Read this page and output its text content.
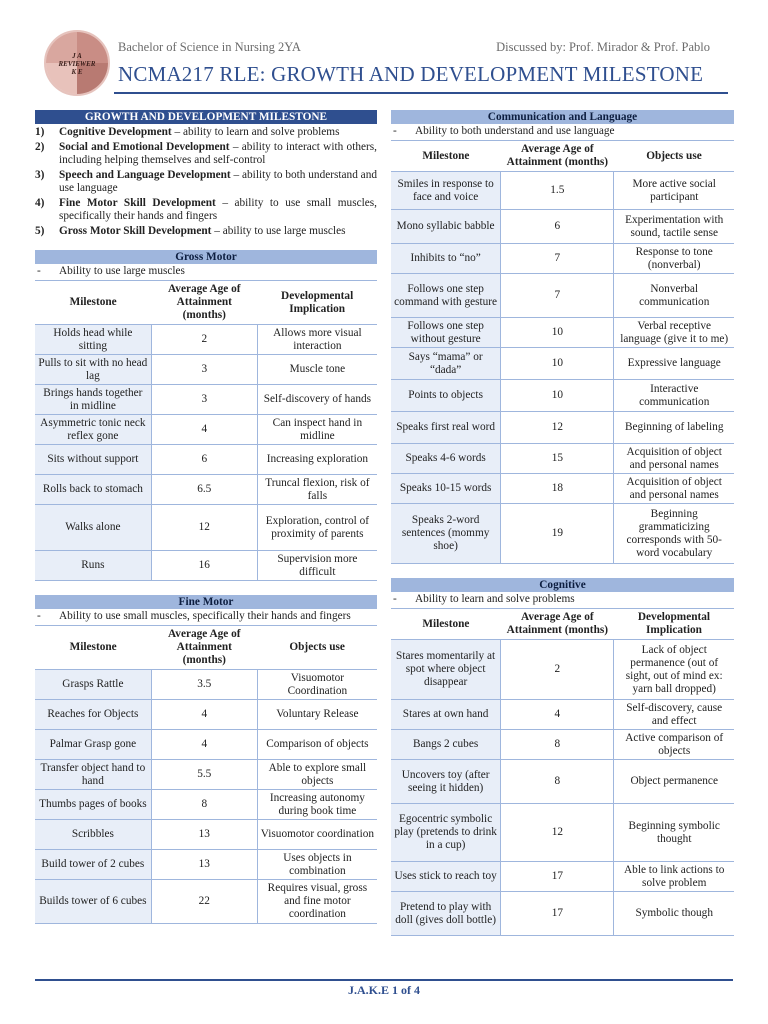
J A
REVIEWER
K E
Bachelor of Science in Nursing 2YA	Discussed by: Prof. Mirador & Prof. Pablo
NCMA217 RLE: GROWTH AND DEVELOPMENT MILESTONE
GROWTH AND DEVELOPMENT MILESTONE
1)	Cognitive Development – ability to learn and solve problems
2)	Social and Emotional Development – ability to interact with others, including helping themselves and self-control
3)	Speech and Language Development – ability to both understand and use language
4)	Fine Motor Skill Development – ability to use small muscles, specifically their hands and fingers
5)	Gross Motor Skill Development – ability to use large muscles
Gross Motor
-	Ability to use large muscles
Milestone	Average Age of Attainment (months)	Developmental Implication
Holds head while sitting	2	Allows more visual interaction
Pulls to sit with no head lag	3	Muscle tone
Brings hands together in midline	3	Self-discovery of hands
Asymmetric tonic neck reflex gone	4	Can inspect hand in midline
Sits without support	6	Increasing exploration
Rolls back to stomach	6.5	Truncal flexion, risk of falls
Walks alone	12	Exploration, control of proximity of parents
Runs	16	Supervision more difficult
Fine Motor
-	Ability to use small muscles, specifically their hands and fingers
Milestone	Average Age of Attainment (months)	Objects use
Grasps Rattle	3.5	Visuomotor Coordination
Reaches for Objects	4	Voluntary Release
Palmar Grasp gone	4	Comparison of objects
Transfer object hand to hand	5.5	Able to explore small objects
Thumbs pages of books	8	Increasing autonomy during book time
Scribbles	13	Visuomotor coordination
Build tower of 2 cubes	13	Uses objects in combination
Builds tower of 6 cubes	22	Requires visual, gross and fine motor coordination
Communication and Language
-	Ability to both understand and use language
Milestone	Average Age of Attainment (months)	Objects use
Smiles in response to face and voice	1.5	More active social participant
Mono syllabic babble	6	Experimentation with sound, tactile sense
Inhibits to “no”	7	Response to tone (nonverbal)
Follows one step command with gesture	7	Nonverbal communication
Follows one step without gesture	10	Verbal receptive language (give it to me)
Says “mama” or “dada”	10	Expressive language
Points to objects	10	Interactive communication
Speaks first real word	12	Beginning of labeling
Speaks 4-6 words	15	Acquisition of object and personal names
Speaks 10-15 words	18	Acquisition of object and personal names
Speaks 2-word sentences (mommy shoe)	19	Beginning grammaticizing corresponds with 50-word vocabulary
Cognitive
-	Ability to learn and solve problems
Milestone	Average Age of Attainment (months)	Developmental Implication
Stares momentarily at spot where object disappear	2	Lack of object permanence (out of sight, out of mind ex: yarn ball dropped)
Stares at own hand	4	Self-discovery, cause and effect
Bangs 2 cubes	8	Active comparison of objects
Uncovers toy (after seeing it hidden)	8	Object permanence
Egocentric symbolic play (pretends to drink in a cup)	12	Beginning symbolic thought
Uses stick to reach toy	17	Able to link actions to solve problem
Pretend to play with doll (gives doll bottle)	17	Symbolic though
J.A.K.E 1 of 4
